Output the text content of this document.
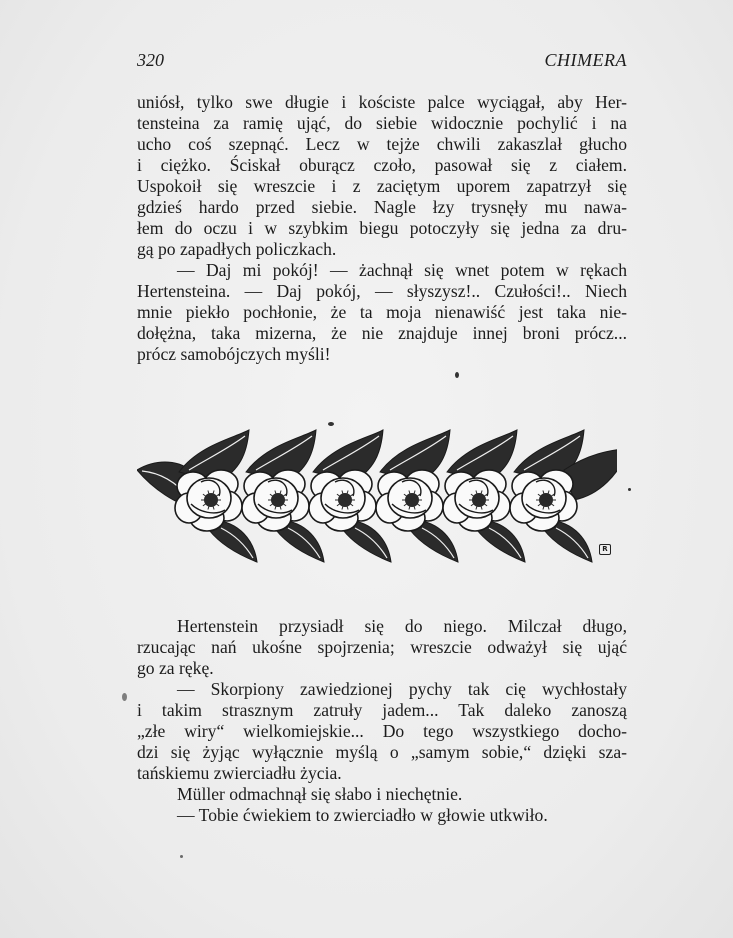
320	CHIMERA
uniósł, tylko swe długie i kościste palce wyciągał, aby Her-
tensteina za ramię ująć, do siebie widocznie pochylić i na
ucho coś szepnąć. Lecz w tejże chwili zakaszlał głucho
i ciężko. Ściskał oburącz czoło, pasował się z ciałem.
Uspokoił się wreszcie i z zaciętym uporem zapatrzył się
gdzieś hardo przed siebie. Nagle łzy trysnęły mu nawa-
łem do oczu i w szybkim biegu potoczyły się jedna za dru-
gą po zapadłych policzkach.
— Daj mi pokój! — żachnął się wnet potem w rękach
Hertensteina. — Daj pokój, — słyszysz!.. Czułości!.. Niech
mnie piekło pochłonie, że ta moja nienawiść jest taka nie-
dołężna, taka mizerna, że nie znajduje innej broni prócz...
prócz samobójczych myśli!
R
Hertenstein przysiadł się do niego. Milczał długo,
rzucając nań ukośne spojrzenia; wreszcie odważył się ująć
go za rękę.
— Skorpiony zawiedzionej pychy tak cię wychłostały
i takim strasznym zatruły jadem... Tak daleko zanoszą
„złe wiry“ wielkomiejskie... Do tego wszystkiego docho-
dzi się żyjąc wyłącznie myślą o „samym sobie,“ dzięki sza-
tańskiemu zwierciadłu życia.
Müller odmachnął się słabo i niechętnie.
— Tobie ćwiekiem to zwierciadło w głowie utkwiło.
